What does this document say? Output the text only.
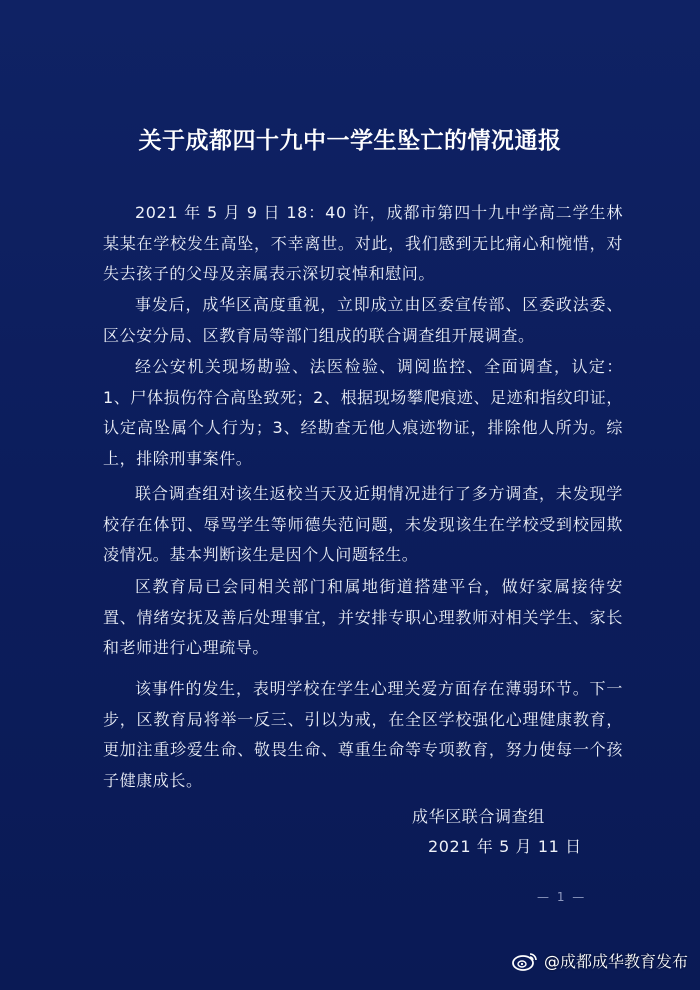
关于成都四十九中一学生坠亡的情况通报

2021 年 5 月 9 日 18：40 许，成都市第四十九中学高二学生林某某在学校发生高坠，不幸离世。对此，我们感到无比痛心和惋惜，对失去孩子的父母及亲属表示深切哀悼和慰问。

事发后，成华区高度重视，立即成立由区委宣传部、区委政法委、区公安分局、区教育局等部门组成的联合调查组开展调查。

经公安机关现场勘验、法医检验、调阅监控、全面调查，认定：1、尸体损伤符合高坠致死；2、根据现场攀爬痕迹、足迹和指纹印证，认定高坠属个人行为；3、经勘查无他人痕迹物证，排除他人所为。综上，排除刑事案件。

联合调查组对该生返校当天及近期情况进行了多方调查，未发现学校存在体罚、辱骂学生等师德失范问题，未发现该生在学校受到校园欺凌情况。基本判断该生是因个人问题轻生。

区教育局已会同相关部门和属地街道搭建平台，做好家属接待安置、情绪安抚及善后处理事宜，并安排专职心理教师对相关学生、家长和老师进行心理疏导。

该事件的发生，表明学校在学生心理关爱方面存在薄弱环节。下一步，区教育局将举一反三、引以为戒，在全区学校强化心理健康教育，更加注重珍爱生命、敬畏生命、尊重生命等专项教育，努力使每一个孩子健康成长。

成华区联合调查组
2021 年 5 月 11 日
— 1 —
@成都成华教育发布
